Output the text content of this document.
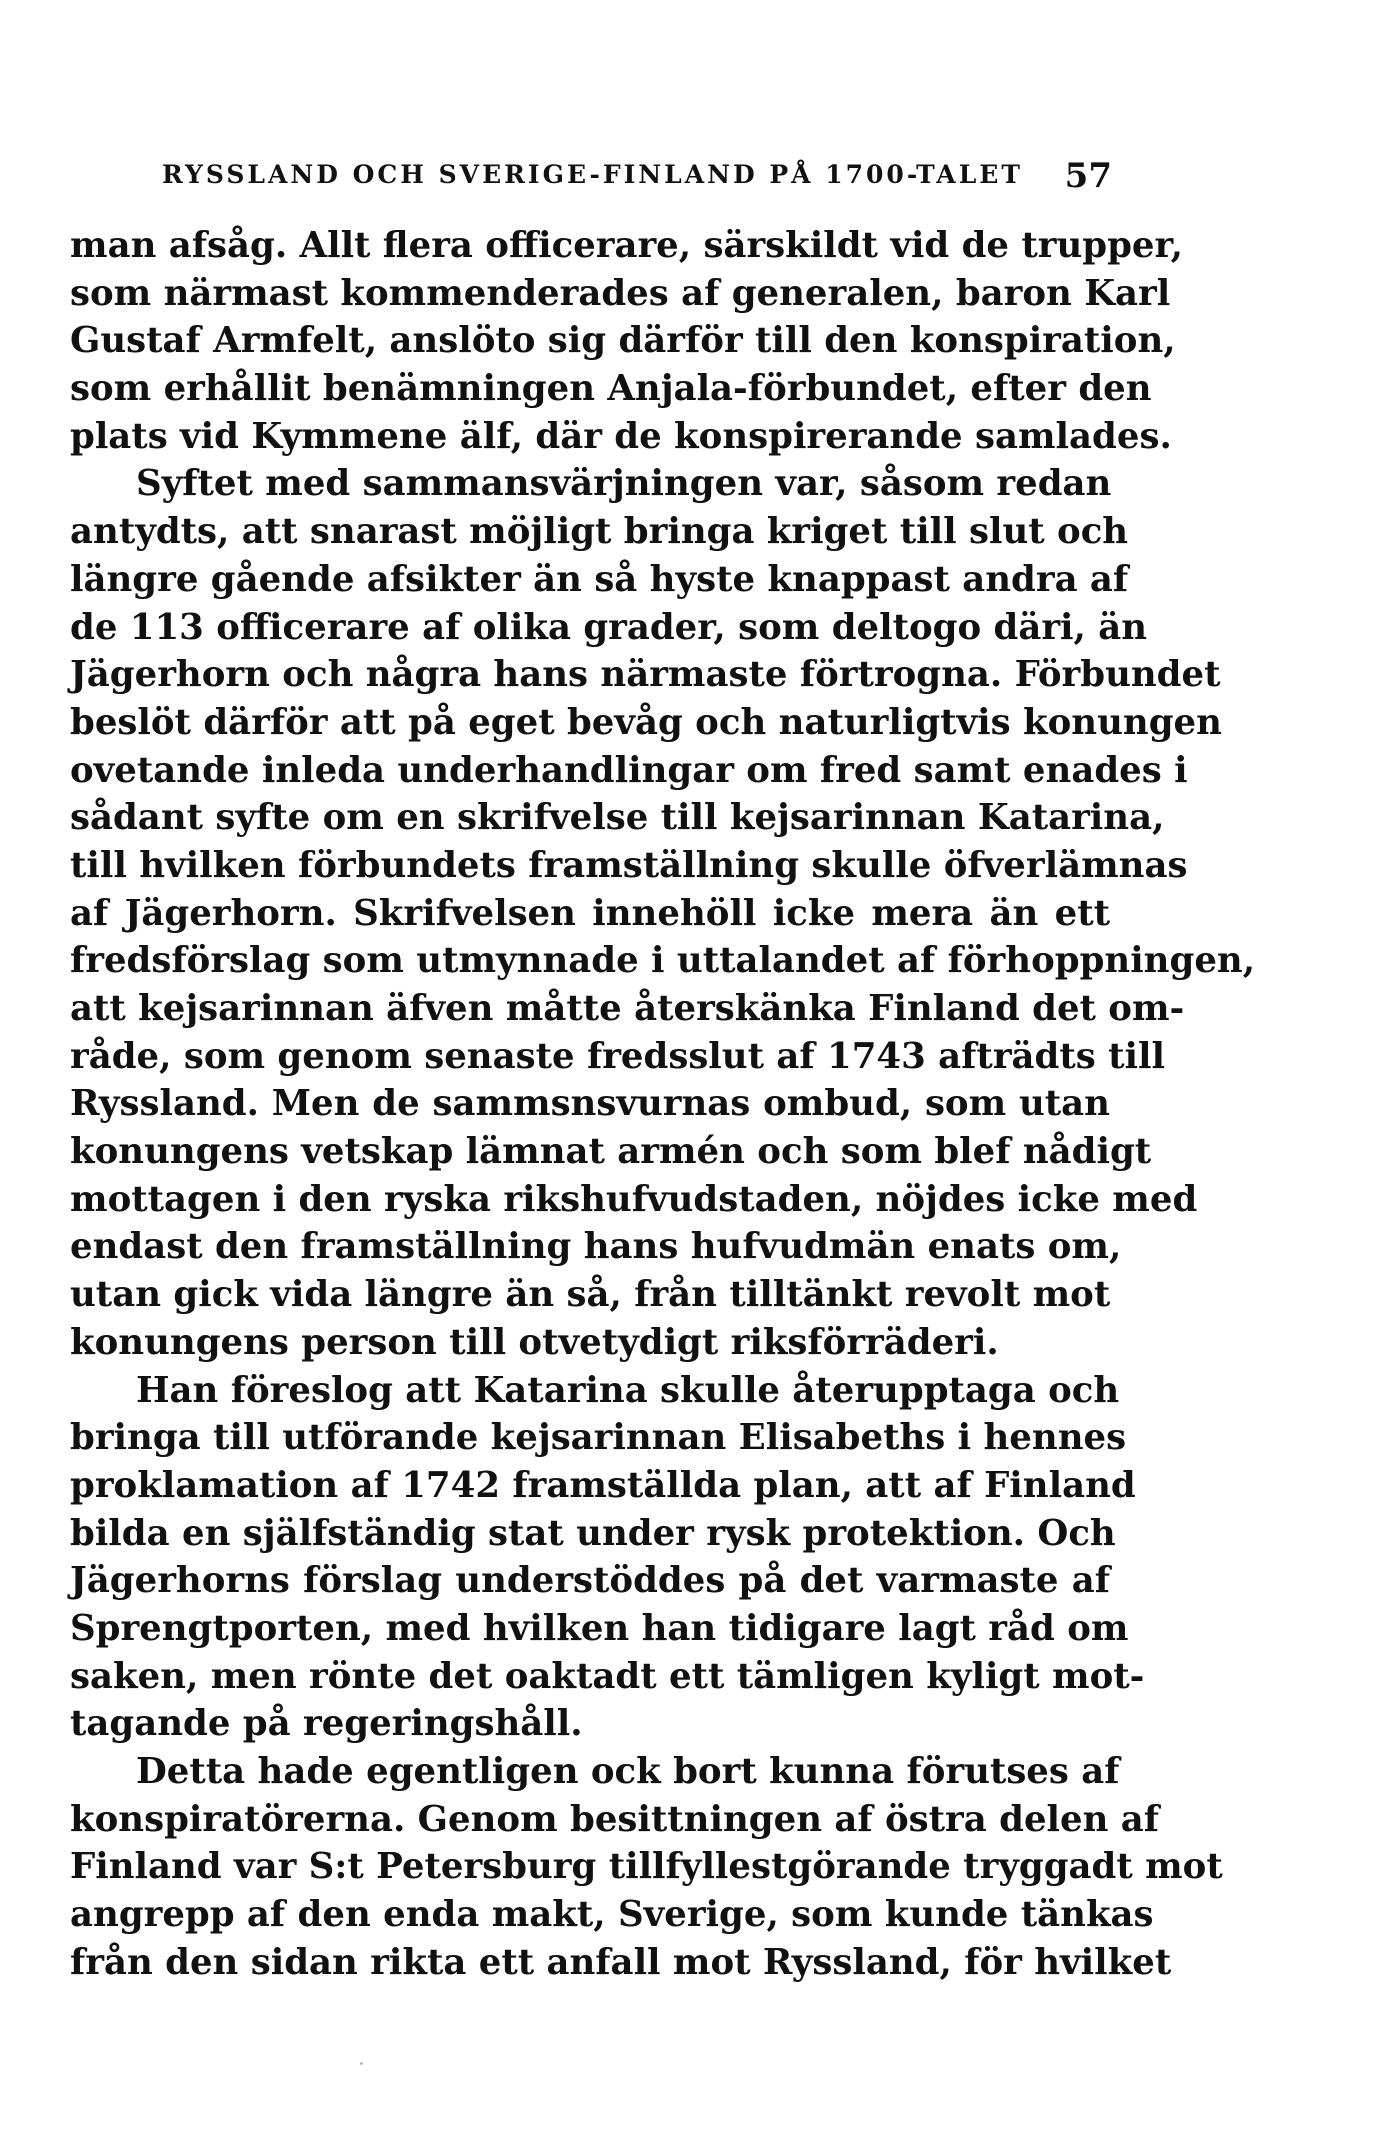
RYSSLAND OCH SVERIGE-FINLAND PÅ 1700-TALET 57
man afsåg. Allt flera officerare, särskildt vid de trupper,
som närmast kommenderades af generalen, baron Karl
Gustaf Armfelt, anslöto sig därför till den konspiration,
som erhållit benämningen Anjala-förbundet, efter den
plats vid Kymmene älf, där de konspirerande samlades.
Syftet med sammansvärjningen var, såsom redan
antydts, att snarast möjligt bringa kriget till slut och
längre gående afsikter än så hyste knappast andra af
de 113 officerare af olika grader, som deltogo däri, än
Jägerhorn och några hans närmaste förtrogna. Förbundet
beslöt därför att på eget bevåg och naturligtvis konungen
ovetande inleda underhandlingar om fred samt enades i
sådant syfte om en skrifvelse till kejsarinnan Katarina,
till hvilken förbundets framställning skulle öfverlämnas
af Jägerhorn. Skrifvelsen innehöll icke mera än ett
fredsförslag som utmynnade i uttalandet af förhoppningen,
att kejsarinnan äfven måtte återskänka Finland det om-
råde, som genom senaste fredsslut af 1743 afträdts till
Ryssland. Men de sammsnsvurnas ombud, som utan
konungens vetskap lämnat armén och som blef nådigt
mottagen i den ryska rikshufvudstaden, nöjdes icke med
endast den framställning hans hufvudmän enats om,
utan gick vida längre än så, från tilltänkt revolt mot
konungens person till otvetydigt riksförräderi.
Han föreslog att Katarina skulle återupptaga och
bringa till utförande kejsarinnan Elisabeths i hennes
proklamation af 1742 framställda plan, att af Finland
bilda en själfständig stat under rysk protektion. Och
Jägerhorns förslag understöddes på det varmaste af
Sprengtporten, med hvilken han tidigare lagt råd om
saken, men rönte det oaktadt ett tämligen kyligt mot-
tagande på regeringshåll.
Detta hade egentligen ock bort kunna förutses af
konspiratörerna. Genom besittningen af östra delen af
Finland var S:t Petersburg tillfyllestgörande tryggadt mot
angrepp af den enda makt, Sverige, som kunde tänkas
från den sidan rikta ett anfall mot Ryssland, för hvilket
